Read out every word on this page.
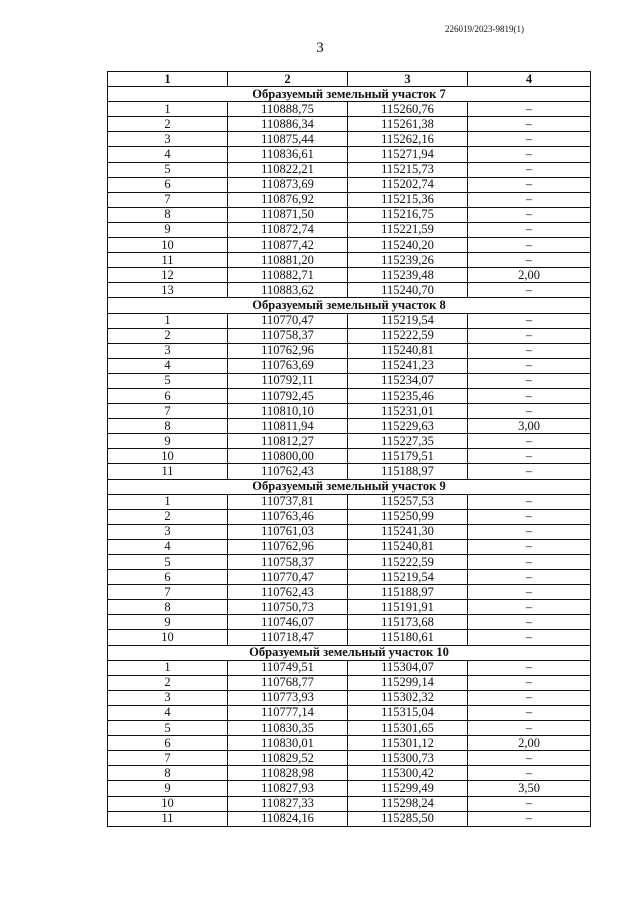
226019/2023-9819(1)
3
1	2	3	4
Образуемый земельный участок 7			
1	110888,75	115260,76	–
2	110886,34	115261,38	–
3	110875,44	115262,16	–
4	110836,61	115271,94	–
5	110822,21	115215,73	–
6	110873,69	115202,74	–
7	110876,92	115215,36	–
8	110871,50	115216,75	–
9	110872,74	115221,59	–
10	110877,42	115240,20	–
11	110881,20	115239,26	–
12	110882,71	115239,48	2,00
13	110883,62	115240,70	–
Образуемый земельный участок 8			
1	110770,47	115219,54	–
2	110758,37	115222,59	–
3	110762,96	115240,81	–
4	110763,69	115241,23	–
5	110792,11	115234,07	–
6	110792,45	115235,46	–
7	110810,10	115231,01	–
8	110811,94	115229,63	3,00
9	110812,27	115227,35	–
10	110800,00	115179,51	–
11	110762,43	115188,97	–
Образуемый земельный участок 9			
1	110737,81	115257,53	–
2	110763,46	115250,99	–
3	110761,03	115241,30	–
4	110762,96	115240,81	–
5	110758,37	115222,59	–
6	110770,47	115219,54	–
7	110762,43	115188,97	–
8	110750,73	115191,91	–
9	110746,07	115173,68	–
10	110718,47	115180,61	–
Образуемый земельный участок 10			
1	110749,51	115304,07	–
2	110768,77	115299,14	–
3	110773,93	115302,32	–
4	110777,14	115315,04	–
5	110830,35	115301,65	–
6	110830,01	115301,12	2,00
7	110829,52	115300,73	–
8	110828,98	115300,42	–
9	110827,93	115299,49	3,50
10	110827,33	115298,24	–
11	110824,16	115285,50	–
